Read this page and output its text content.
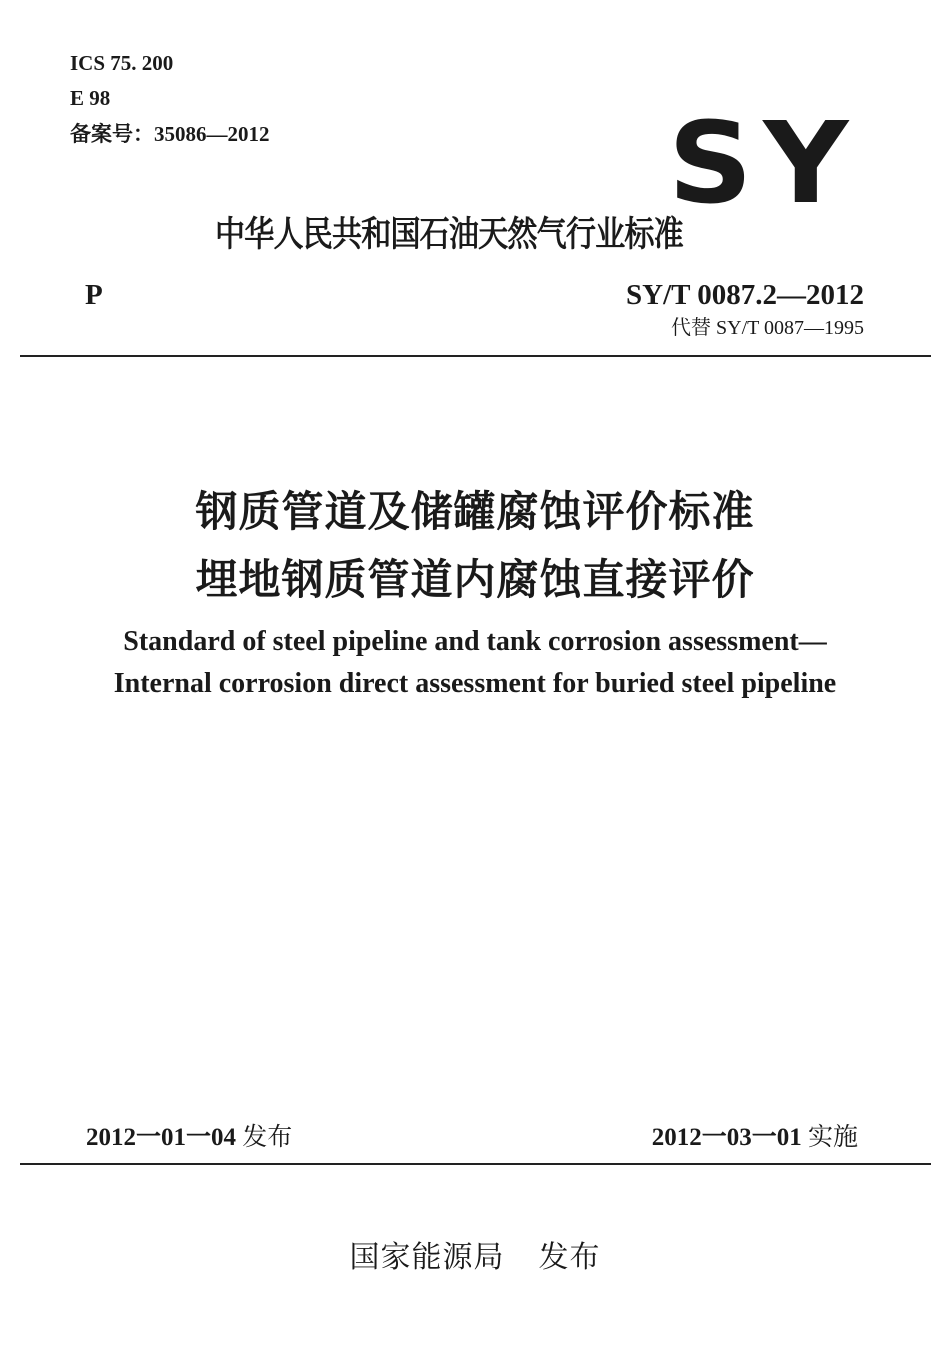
ICS 75. 200
E 98
备案号：35086—2012	SY
中华人民共和国石油天然气行业标准
P	SY/T 0087.2—2012
代替 SY/T 0087—1995
钢质管道及储罐腐蚀评价标准
埋地钢质管道内腐蚀直接评价
Standard of steel pipeline and tank corrosion assessment—
Internal corrosion direct assessment for buried steel pipeline
2012一01一04 发布	2012一03一01 实施
国家能源局 发布
